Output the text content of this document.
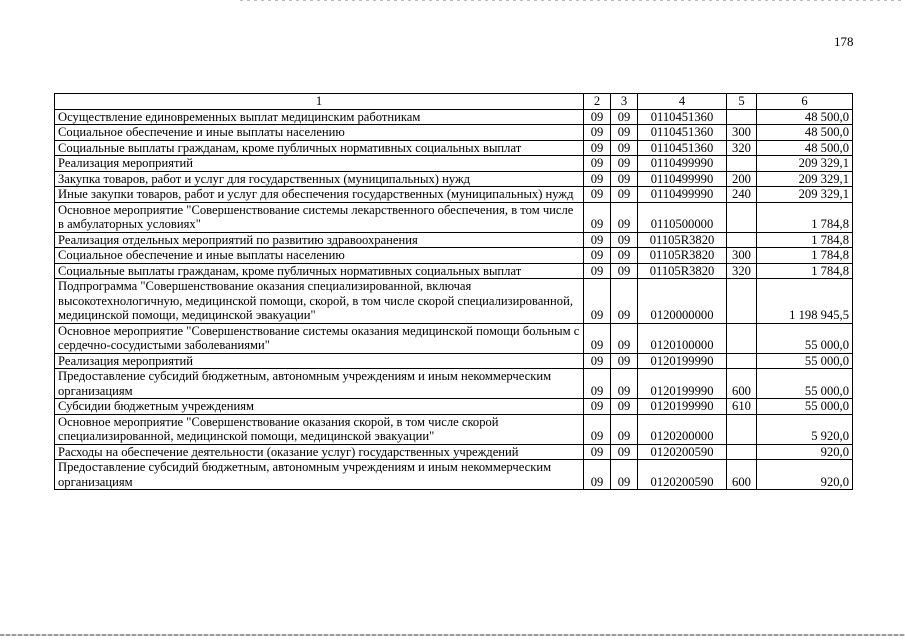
178
1	2	3	4	5	6
Осуществление единовременных выплат медицинским работникам	09	09	0110451360		48 500,0
Социальное обеспечение и иные выплаты населению	09	09	0110451360	300	48 500,0
Социальные выплаты гражданам, кроме публичных нормативных социальных выплат	09	09	0110451360	320	48 500,0
Реализация мероприятий	09	09	0110499990		209 329,1
Закупка товаров, работ и услуг для государственных (муниципальных) нужд	09	09	0110499990	200	209 329,1
Иные закупки товаров, работ и услуг для обеспечения государственных (муниципальных) нужд	09	09	0110499990	240	209 329,1
Основное мероприятие "Совершенствование системы лекарственного обеспечения, в том числе в амбулаторных условиях"	09	09	0110500000		1 784,8
Реализация отдельных мероприятий по развитию здравоохранения	09	09	01105R3820		1 784,8
Социальное обеспечение и иные выплаты населению	09	09	01105R3820	300	1 784,8
Социальные выплаты гражданам, кроме публичных нормативных социальных выплат	09	09	01105R3820	320	1 784,8
Подпрограмма "Совершенствование оказания специализированной, включая высокотехнологичную, медицинской помощи, скорой, в том числе скорой специализированной, медицинской помощи, медицинской эвакуации"	09	09	0120000000		1 198 945,5
Основное мероприятие "Совершенствование системы оказания медицинской помощи больным с сердечно-сосудистыми заболеваниями"	09	09	0120100000		55 000,0
Реализация мероприятий	09	09	0120199990		55 000,0
Предоставление субсидий бюджетным, автономным учреждениям и иным некоммерческим организациям	09	09	0120199990	600	55 000,0
Субсидии бюджетным учреждениям	09	09	0120199990	610	55 000,0
Основное мероприятие "Совершенствование оказания скорой, в том числе скорой специализированной, медицинской помощи, медицинской эвакуации"	09	09	0120200000		5 920,0
Расходы на обеспечение деятельности (оказание услуг) государственных учреждений	09	09	0120200590		920,0
Предоставление субсидий бюджетным, автономным учреждениям и иным некоммерческим организациям	09	09	0120200590	600	920,0
